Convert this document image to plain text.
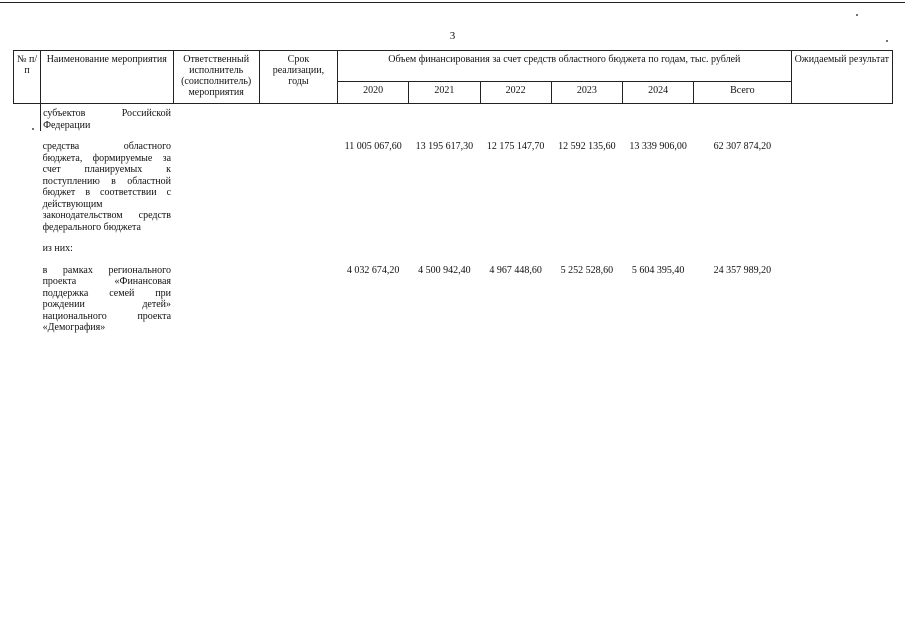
3
№ п/п	Наименование мероприятия	Ответственный исполнитель (соисполнитель) мероприятия	Срок реализации, годы	Объем финансирования за счет средств областного бюджета по годам, тыс. рублей						Ожидаемый результат
				2020	2021	2022	2023	2024	Всего	
	субъектов Российской Федерации									

	средства областного бюджета, формируемые за счет планируемых к поступлению в областной бюджет в соответствии с действующим законодательством средств федерального бюджета			11 005 067,60	13 195 617,30	12 175 147,70	12 592 135,60	13 339 906,00	62 307 874,20	

	из них:									

	в рамках регионального проекта «Финансовая поддержка семей при рождении детей» национального проекта «Демография»			4 032 674,20	4 500 942,40	4 967 448,60	5 252 528,60	5 604 395,40	24 357 989,20	
